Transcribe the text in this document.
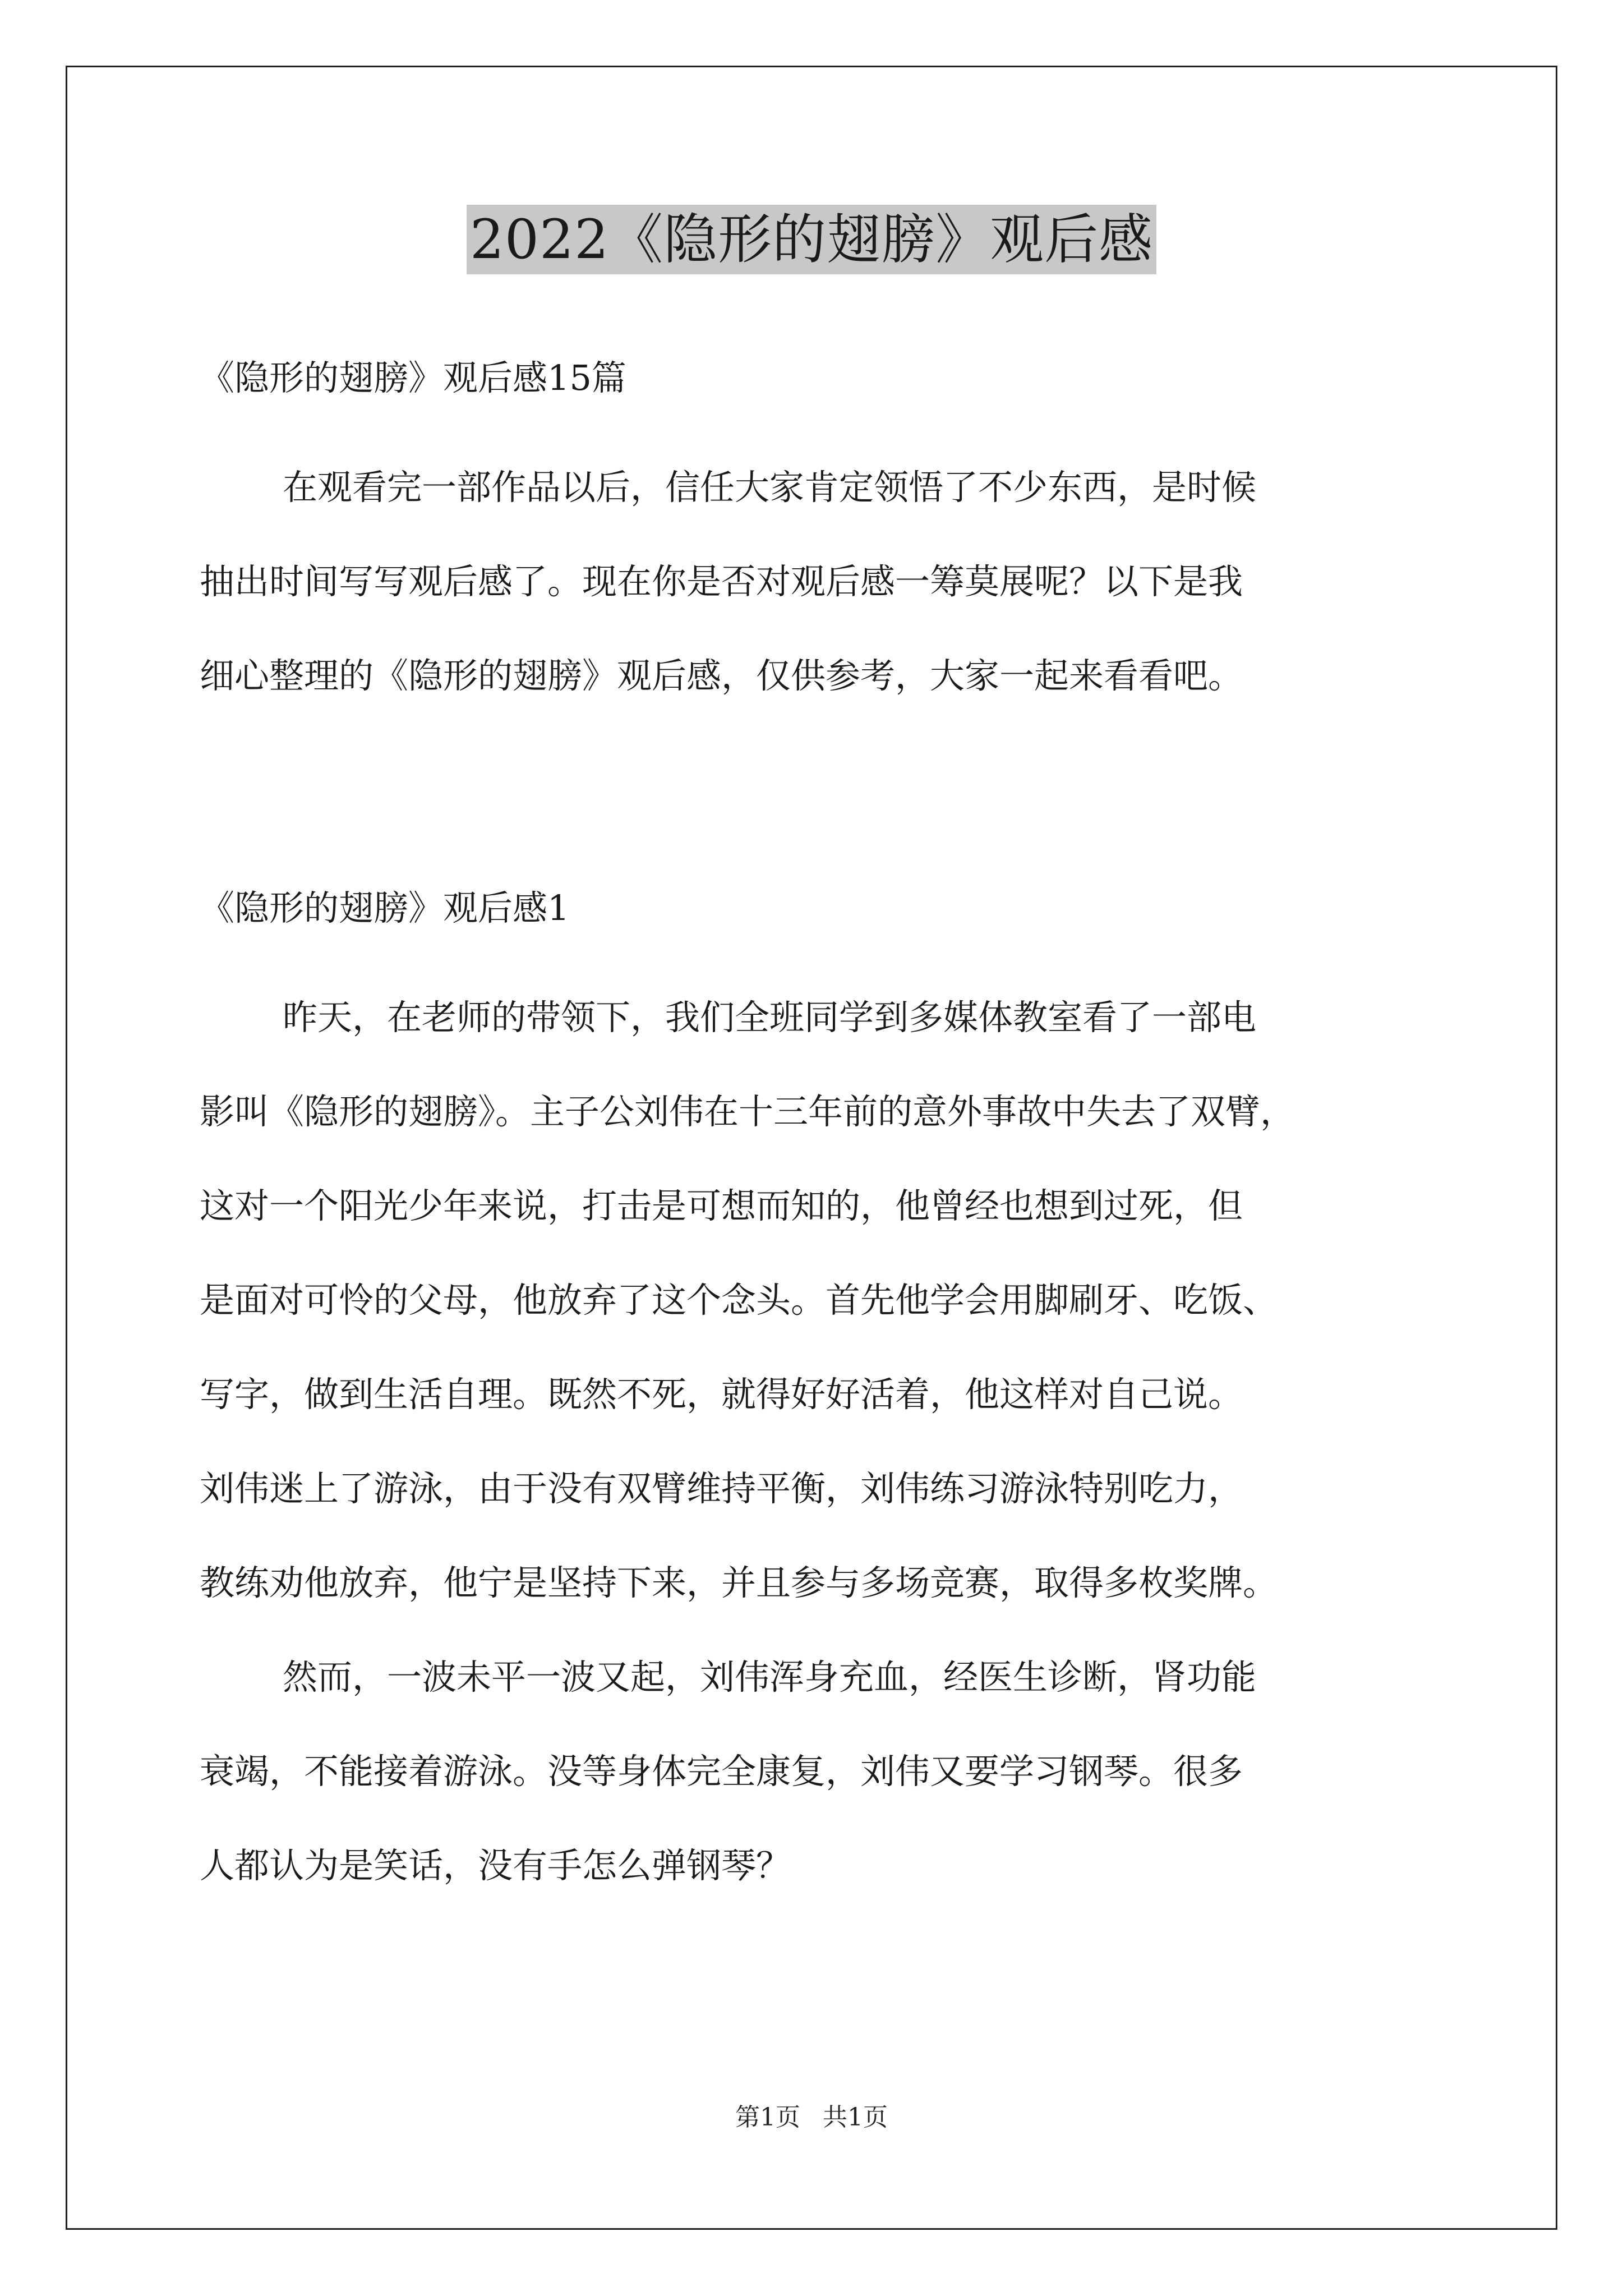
2022《隐形的翅膀》观后感
《隐形的翅膀》观后感15篇
在观看完一部作品以后，信任大家肯定领悟了不少东西，是时候
抽出时间写写观后感了。现在你是否对观后感一筹莫展呢？以下是我
细心整理的《隐形的翅膀》观后感，仅供参考，大家一起来看看吧。
《隐形的翅膀》观后感1
昨天，在老师的带领下，我们全班同学到多媒体教室看了一部电
影叫《隐形的翅膀》。主子公刘伟在十三年前的意外事故中失去了双臂，
这对一个阳光少年来说，打击是可想而知的，他曾经也想到过死，但
是面对可怜的父母，他放弃了这个念头。首先他学会用脚刷牙、吃饭、
写字，做到生活自理。既然不死，就得好好活着，他这样对自己说。
刘伟迷上了游泳，由于没有双臂维持平衡，刘伟练习游泳特别吃力，
教练劝他放弃，他宁是坚持下来，并且参与多场竞赛，取得多枚奖牌。
然而，一波未平一波又起，刘伟浑身充血，经医生诊断，肾功能
衰竭，不能接着游泳。没等身体完全康复，刘伟又要学习钢琴。很多
人都认为是笑话，没有手怎么弹钢琴？
第1页 共1页
